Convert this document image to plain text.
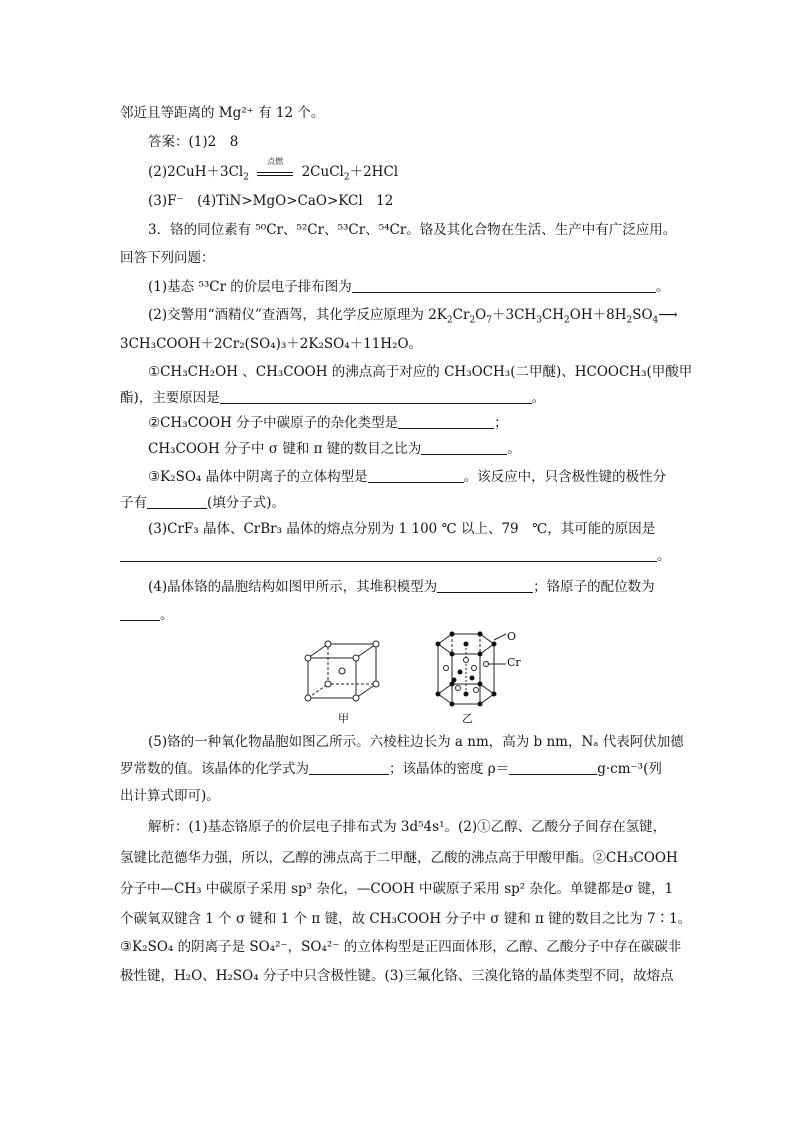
邻近且等距离的 Mg²⁺ 有 12 个。
答案：(1)2　8
$(2)2CuH+3Cl_2$
点燃
2CuCl$_2$＋2HCl
(3)F⁻　(4)TiN>MgO>CaO>KCl　12
3．铬的同位素有 ⁵⁰Cr、⁵²Cr、⁵³Cr、⁵⁴Cr。铬及其化合物在生活、生产中有广泛应用。
回答下列问题：
(1)基态 ⁵³Cr 的价层电子排布图为	。
(2)交警用“酒精仪”查酒驾，其化学反应原理为 $2K_2Cr_2O_7+3CH_3CH_2OH+8H_2SO_4⟶$
3CH₃COOH＋2Cr₂(SO₄)₃＋2K₂SO₄＋11H₂O。
①CH₃CH₂OH 、CH₃COOH 的沸点高于对应的 CH₃OCH₃(二甲醚)、HCOOCH₃(甲酸甲
酯)，主要原因是	。
②CH₃COOH 分子中碳原子的杂化类型是	；
CH₃COOH 分子中 σ 键和 π 键的数目之比为	。
③K₂SO₄ 晶体中阴离子的立体构型是	。该反应中，只含极性键的极性分
子有	(填分子式)。
(3)CrF₃ 晶体、CrBr₃ 晶体的熔点分别为 1 100 ℃ 以上、79　℃，其可能的原因是
。
(4)晶体铬的晶胞结构如图甲所示，其堆积模型为	；铬原子的配位数为
。
甲
O
Cr
乙
(5)铬的一种氧化物晶胞如图乙所示。六棱柱边长为 a nm，高为 b nm，Nₐ 代表阿伏加德
罗常数的值。该晶体的化学式为	；该晶体的密度 ρ＝	g·cm⁻³(列
出计算式即可)。
解析：(1)基态铬原子的价层电子排布式为 3d⁵4s¹。(2)①乙醇、乙酸分子间存在氢键，
氢键比范德华力强，所以，乙醇的沸点高于二甲醚，乙酸的沸点高于甲酸甲酯。②CH₃COOH
分子中—CH₃ 中碳原子采用 sp³ 杂化，—COOH 中碳原子采用 sp² 杂化。单键都是σ 键，1
个碳氧双键含 1 个 σ 键和 1 个 π 键，故 CH₃COOH 分子中 σ 键和 π 键的数目之比为 7∶1。
③K₂SO₄ 的阴离子是 SO₄²⁻，SO₄²⁻ 的立体构型是正四面体形，乙醇、乙酸分子中存在碳碳非
极性键，H₂O、H₂SO₄ 分子中只含极性键。(3)三氟化铬、三溴化铬的晶体类型不同，故熔点
